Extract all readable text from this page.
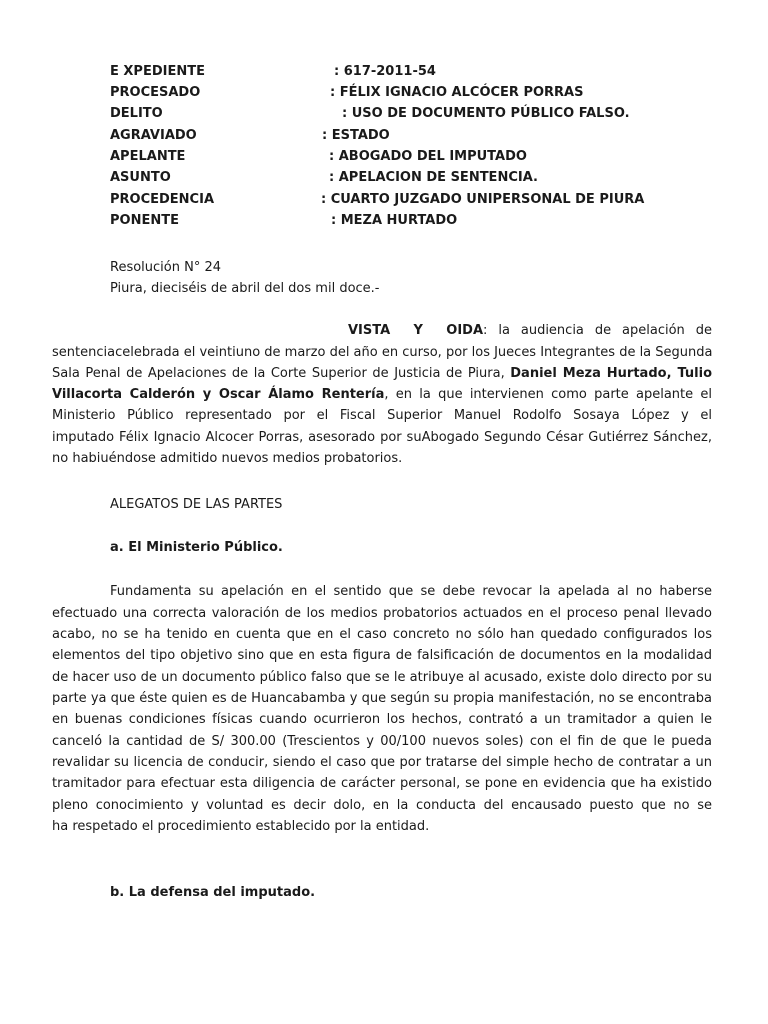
E XPEDIENTE	: 617-2011-54
PROCESADO	: FÉLIX IGNACIO ALCÓCER PORRAS
DELITO	: USO DE DOCUMENTO PÚBLICO FALSO.
AGRAVIADO	: ESTADO
APELANTE	: ABOGADO DEL IMPUTADO
ASUNTO	: APELACION DE SENTENCIA.
PROCEDENCIA	: CUARTO JUZGADO UNIPERSONAL DE PIURA
PONENTE	: MEZA HURTADO
Resolución N° 24
Piura, dieciséis de abril del dos mil doce.-
VISTA Y OIDA: la audiencia de apelación de
sentenciacelebrada el veintiuno de marzo del año en curso, por los Jueces Integrantes de la Segunda
Sala Penal de Apelaciones de la Corte Superior de Justicia de Piura, Daniel Meza Hurtado, Tulio
Villacorta Calderón y Oscar Álamo Rentería, en la que intervienen como parte apelante el
Ministerio Público representado por el Fiscal Superior Manuel Rodolfo Sosaya López y el
imputado Félix Ignacio Alcocer Porras, asesorado por suAbogado Segundo César Gutiérrez Sánchez,
no habiuéndose admitido nuevos medios probatorios.
ALEGATOS DE LAS PARTES
a. El Ministerio Público.
Fundamenta su apelación en el sentido que se debe revocar la apelada al no haberse
efectuado una correcta valoración de los medios probatorios actuados en el proceso penal llevado
acabo, no se ha tenido en cuenta que en el caso concreto no sólo han quedado configurados los
elementos del tipo objetivo sino que en esta figura de falsificación de documentos en la modalidad
de hacer uso de un documento público falso que se le atribuye al acusado, existe dolo directo por su
parte ya que éste quien es de Huancabamba y que según su propia manifestación, no se encontraba
en buenas condiciones físicas cuando ocurrieron los hechos, contrató a un tramitador a quien le
canceló la cantidad de S/ 300.00 (Trescientos y 00/100 nuevos soles) con el fin de que le pueda
revalidar su licencia de conducir, siendo el caso que por tratarse del simple hecho de contratar a un
tramitador para efectuar esta diligencia de carácter personal, se pone en evidencia que ha existido
pleno conocimiento y voluntad es decir dolo, en la conducta del encausado puesto que no se
ha respetado el procedimiento establecido por la entidad.
b. La defensa del imputado.
